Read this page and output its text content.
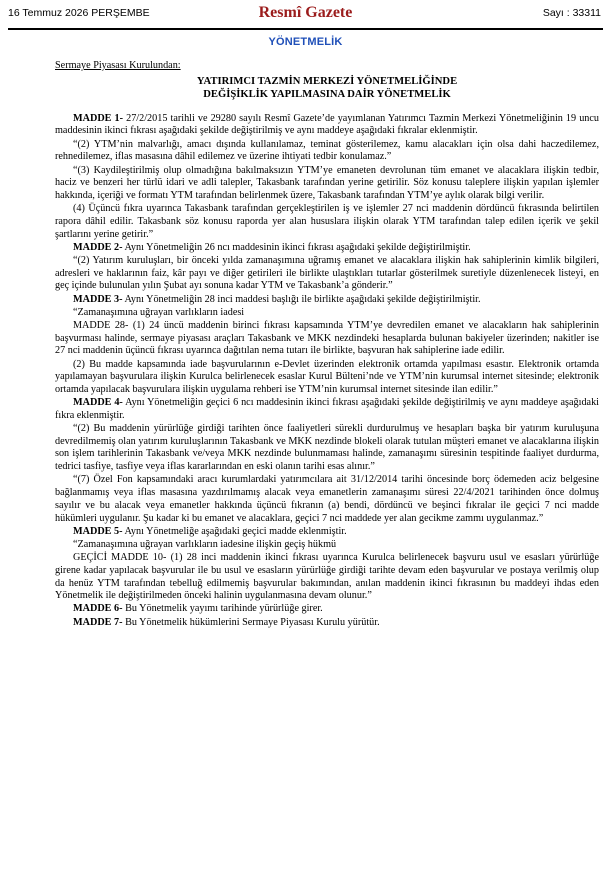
16 Temmuz 2026 PERŞEMBE	Resmî Gazete	Sayı : 33311
YÖNETMELİK
Sermaye Piyasası Kurulundan:
YATIRIMCI TAZMİN MERKEZİ YÖNETMELİĞİNDE
DEĞİŞİKLİK YAPILMASINA DAİR YÖNETMELİK

MADDE 1- 27/2/2015 tarihli ve 29280 sayılı Resmî Gazete’de yayımlanan Yatırımcı Tazmin Merkezi Yönetmeliğinin 19 uncu maddesinin ikinci fıkrası aşağıdaki şekilde değiştirilmiş ve aynı maddeye aşağıdaki fıkralar eklenmiştir.

“(2) YTM’nin malvarlığı, amacı dışında kullanılamaz, teminat gösterilemez, kamu alacakları için olsa dahi haczedilemez, rehnedilemez, iflas masasına dâhil edilemez ve üzerine ihtiyati tedbir konulamaz.”

“(3) Kaydileştirilmiş olup olmadığına bakılmaksızın YTM’ye emaneten devrolunan tüm emanet ve alacaklara ilişkin tedbir, haciz ve benzeri her türlü idari ve adli talepler, Takasbank tarafından yerine getirilir. Söz konusu taleplere ilişkin yapılan işlemler hakkında, içeriği ve formatı YTM tarafından belirlenmek üzere, Takasbank tarafından YTM’ye aylık olarak bilgi verilir.

(4) Üçüncü fıkra uyarınca Takasbank tarafından gerçekleştirilen iş ve işlemler 27 nci maddenin dördüncü fıkrasında belirtilen rapora dâhil edilir. Takasbank söz konusu raporda yer alan hususlara ilişkin olarak YTM tarafından talep edilen içerik ve şekil şartlarını yerine getirir.”

MADDE 2- Aynı Yönetmeliğin 26 ncı maddesinin ikinci fıkrası aşağıdaki şekilde değiştirilmiştir.

“(2) Yatırım kuruluşları, bir önceki yılda zamanaşımına uğramış emanet ve alacaklara ilişkin hak sahiplerinin kimlik bilgileri, adresleri ve haklarının faiz, kâr payı ve diğer getirileri ile birlikte ulaştıkları tutarlar gösterilmek suretiyle düzenlenecek listeyi, en geç içinde bulunulan yılın Şubat ayı sonuna kadar YTM ve Takasbank’a gönderir.”

MADDE 3- Aynı Yönetmeliğin 28 inci maddesi başlığı ile birlikte aşağıdaki şekilde değiştirilmiştir.

“Zamanaşımına uğrayan varlıkların iadesi

MADDE 28- (1) 24 üncü maddenin birinci fıkrası kapsamında YTM’ye devredilen emanet ve alacakların hak sahiplerinin başvurması halinde, sermaye piyasası araçları Takasbank ve MKK nezdindeki hesaplarda bulunan bakiyeler üzerinden; nakitler ise 27 nci maddenin üçüncü fıkrası uyarınca dağıtılan nema tutarı ile birlikte, başvuran hak sahiplerine iade edilir.

(2) Bu madde kapsamında iade başvurularının e-Devlet üzerinden elektronik ortamda yapılması esastır. Elektronik ortamda yapılamayan başvurulara ilişkin Kurulca belirlenecek esaslar Kurul Bülteni’nde ve YTM’nin kurumsal internet sitesinde; elektronik ortamda yapılacak başvurulara ilişkin uygulama rehberi ise YTM’nin kurumsal internet sitesinde ilan edilir.”

MADDE 4- Aynı Yönetmeliğin geçici 6 ncı maddesinin ikinci fıkrası aşağıdaki şekilde değiştirilmiş ve aynı maddeye aşağıdaki fıkra eklenmiştir.

“(2) Bu maddenin yürürlüğe girdiği tarihten önce faaliyetleri sürekli durdurulmuş ve hesapları başka bir yatırım kuruluşuna devredilmemiş olan yatırım kuruluşlarının Takasbank ve MKK nezdinde blokeli olarak tutulan müşteri emanet ve alacaklarına ilişkin son işlem tarihlerinin Takasbank ve/veya MKK nezdinde bulunmaması halinde, zamanaşımı süresinin tespitinde faaliyet durdurma, tedrici tasfiye, tasfiye veya iflas kararlarından en eski olanın tarihi esas alınır.”

“(7) Özel Fon kapsamındaki aracı kurumlardaki yatırımcılara ait 31/12/2014 tarihi öncesinde borç ödemeden aciz belgesine bağlanmamış veya iflas masasına yazdırılmamış alacak veya emanetlerin zamanaşımı süresi 22/4/2021 tarihinden önce dolmuş sayılır ve bu alacak veya emanetler hakkında üçüncü fıkranın (a) bendi, dördüncü ve beşinci fıkralar ile geçici 7 nci madde hükümleri uygulanır. Şu kadar ki bu emanet ve alacaklara, geçici 7 nci maddede yer alan gecikme zammı uygulanmaz.”

MADDE 5- Aynı Yönetmeliğe aşağıdaki geçici madde eklenmiştir.

“Zamanaşımına uğrayan varlıkların iadesine ilişkin geçiş hükmü

GEÇİCİ MADDE 10- (1) 28 inci maddenin ikinci fıkrası uyarınca Kurulca belirlenecek başvuru usul ve esasları yürürlüğe girene kadar yapılacak başvurular ile bu usul ve esasların yürürlüğe girdiği tarihte devam eden başvurular ve postaya verilmiş olup da henüz YTM tarafından tebelluğ edilmemiş başvurular bakımından, anılan maddenin ikinci fıkrasının bu maddeyi ihdas eden Yönetmelik ile değiştirilmeden önceki halinin uygulanmasına devam olunur.”

MADDE 6- Bu Yönetmelik yayımı tarihinde yürürlüğe girer.

MADDE 7- Bu Yönetmelik hükümlerini Sermaye Piyasası Kurulu yürütür.
